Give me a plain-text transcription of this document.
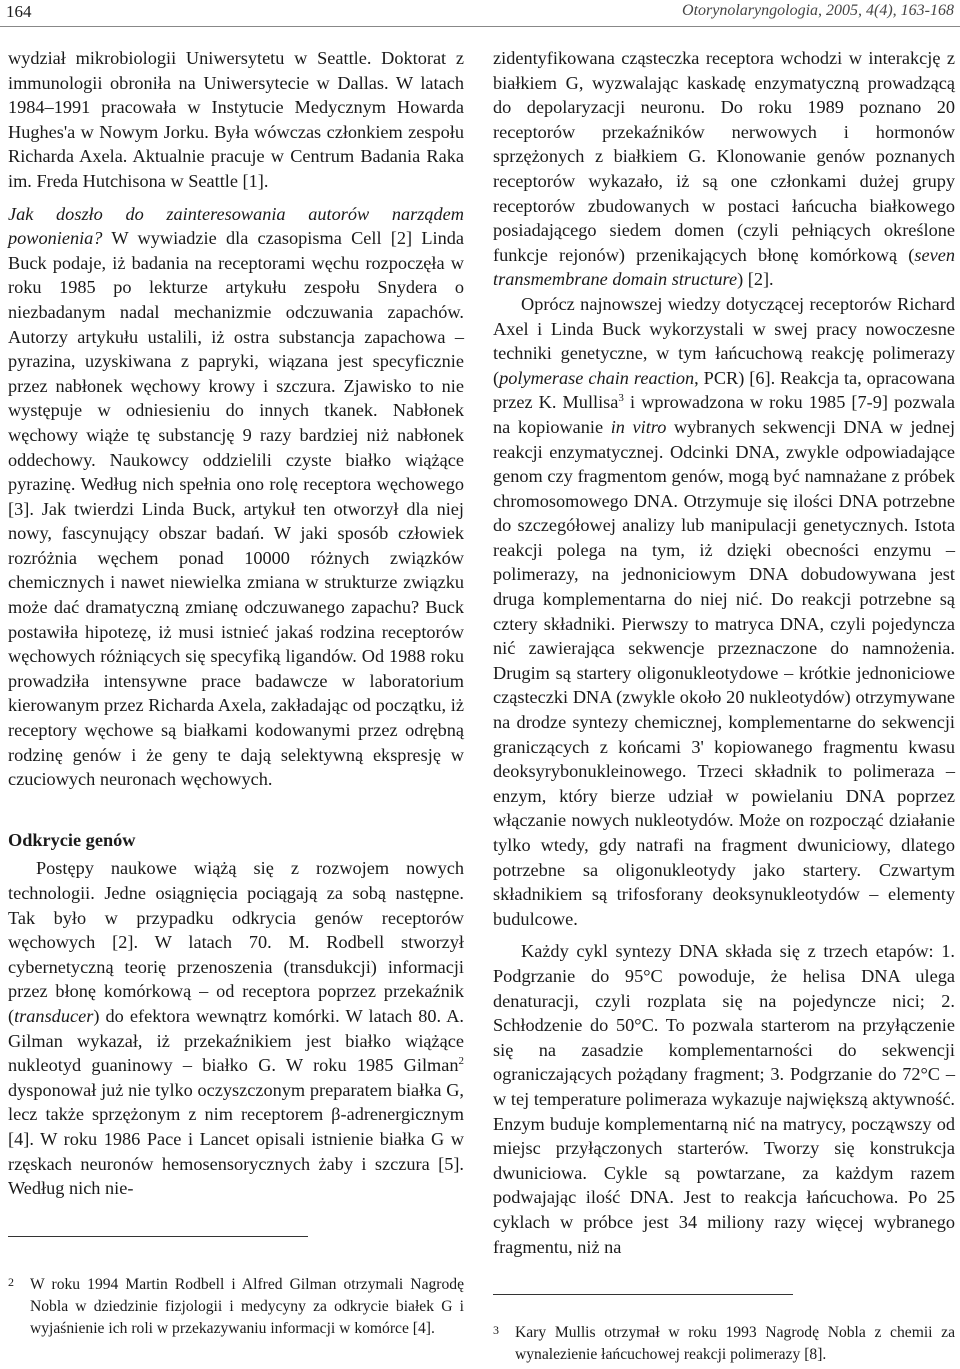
164	Otorynolaryngologia, 2005, 4(4), 163-168

wydział mikrobiologii Uniwersytetu w Seattle. Doktorat z immunologii obroniła na Uniwersytecie w Dallas. W latach 1984–1991 pracowała w Instytucie Medycznym Howarda Hughes'a w Nowym Jorku. Była wówczas członkiem zespołu Richarda Axela. Aktualnie pracuje w Centrum Badania Raka im. Freda Hutchisona w Seattle [1].

Jak doszło do zainteresowania autorów narządem powonienia? W wywiadzie dla czasopisma Cell [2] Linda Buck podaje, iż badania na receptorami węchu rozpoczęła w roku 1985 po lekturze artykułu zespołu Snydera o niezbadanym nadal mechanizmie odczuwania zapachów. Autorzy artykułu ustalili, iż ostra substancja zapachowa – pyrazina, uzyskiwana z papryki, wiązana jest specyficznie przez nabłonek węchowy krowy i szczura. Zjawisko to nie występuje w odniesieniu do innych tkanek. Nabłonek węchowy wiąże tę substancję 9 razy bardziej niż nabłonek oddechowy. Naukowcy oddzielili czyste białko wiążące pyrazinę. Według nich spełnia ono rolę receptora węchowego [3]. Jak twierdzi Linda Buck, artykuł ten otworzył dla niej nowy, fascynujący obszar badań. W jaki sposób człowiek rozróżnia węchem ponad 10000 różnych związków chemicznych i nawet niewielka zmiana w strukturze związku może dać dramatyczną zmianę odczuwanego zapachu? Buck postawiła hipotezę, iż musi istnieć jakaś rodzina receptorów węchowych różniących się specyfiką ligandów. Od 1988 roku prowadziła intensywne prace badawcze w laboratorium kierowanym przez Richarda Axela, zakładając od początku, iż receptory węchowe są białkami kodowanymi przez odrębną rodzinę genów i że geny te dają selektywną ekspresję w czuciowych neuronach węchowych.

Odkrycie genów

Postępy naukowe wiążą się z rozwojem nowych technologii. Jedne osiągnięcia pociągają za sobą następne. Tak było w przypadku odkrycia genów receptorów węchowych [2]. W latach 70. M. Rodbell stworzył cybernetyczną teorię przenoszenia (transdukcji) informacji przez błonę komórkową – od receptora poprzez przekaźnik (transducer) do efektora wewnątrz komórki. W latach 80. A. Gilman wykazał, iż przekaźnikiem jest białko wiążące nukleotyd guaninowy – białko G. W roku 1985 Gilman$^2$ dysponował już nie tylko oczyszczonym preparatem białka G, lecz także sprzężonym z nim receptorem β-adrenergicznym [4]. W roku 1986 Pace i Lancet opisali istnienie białka G w rzęskach neuronów hemosensorycznych żaby i szczura [5]. Według nich nie-

2	W roku 1994 Martin Rodbell i Alfred Gilman otrzymali Nagrodę Nobla w dziedzinie fizjologii i medycyny za odkrycie białek G i wyjaśnienie ich roli w przekazywaniu informacji w komórce [4].

zidentyfikowana cząsteczka receptora wchodzi w interakcję z białkiem G, wyzwalając kaskadę enzymatyczną prowadzącą do depolaryzacji neuronu. Do roku 1989 poznano 20 receptorów przekaźników nerwowych i hormonów sprzężonych z białkiem G. Klonowanie genów poznanych receptorów wykazało, iż są one członkami dużej grupy receptorów zbudowanych w postaci łańcucha białkowego posiadającego siedem domen (czyli pełniących określone funkcje rejonów) przenikających błonę komórkową (seven transmembrane domain structure) [2].

Oprócz najnowszej wiedzy dotyczącej receptorów Richard Axel i Linda Buck wykorzystali w swej pracy nowoczesne techniki genetyczne, w tym łańcuchową reakcję polimerazy (polymerase chain reaction, PCR) [6]. Reakcja ta, opracowana przez K. Mullisa$^3$ i wprowadzona w roku 1985 [7-9] pozwala na kopiowanie in vitro wybranych sekwencji DNA w jednej reakcji enzymatycznej. Odcinki DNA, zwykle odpowiadające genom czy fragmentom genów, mogą być namnażane z próbek chromosomowego DNA. Otrzymuje się ilości DNA potrzebne do szczegółowej analizy lub manipulacji genetycznych. Istota reakcji polega na tym, iż dzięki obecności enzymu – polimerazy, na jednoniciowym DNA dobudowywana jest druga komplementarna do niej nić. Do reakcji potrzebne są cztery składniki. Pierwszy to matryca DNA, czyli pojedyncza nić zawierająca sekwencje przeznaczone do namnożenia. Drugim są startery oligonukleotydowe – krótkie jednoniciowe cząsteczki DNA (zwykle około 20 nukleotydów) otrzymywane na drodze syntezy chemicznej, komplementarne do sekwencji graniczących z końcami 3' kopiowanego fragmentu kwasu deoksyrybonukleinowego. Trzeci składnik to polimeraza – enzym, który bierze udział w powielaniu DNA poprzez włączanie nowych nukleotydów. Może on rozpocząć działanie tylko wtedy, gdy natrafi na fragment dwuniciowy, dlatego potrzebne sa oligonukleotydy jako startery. Czwartym składnikiem są trifosforany deoksynukleotydów – elementy budulcowe.

Każdy cykl syntezy DNA składa się z trzech etapów: 1. Podgrzanie do 95°C powoduje, że helisa DNA ulega denaturacji, czyli rozplata się na pojedyncze nici; 2. Schłodzenie do 50°C. To pozwala starterom na przyłączenie się na zasadzie komplementarności do sekwencji ograniczających pożądany fragment; 3. Podgrzanie do 72°C – w tej temperature polimeraza wykazuje największą aktywność. Enzym buduje komplementarną nić na matrycy, począwszy od miejsc przyłączonych starterów. Tworzy się konstrukcja dwuniciowa. Cykle są powtarzane, za każdym razem podwajając ilość DNA. Jest to reakcja łańcuchowa. Po 25 cyklach w próbce jest 34 miliony razy więcej wybranego fragmentu, niż na

3	Kary Mullis otrzymał w roku 1993 Nagrodę Nobla z chemii za wynalezienie łańcuchowej reakcji polimerazy [8].
